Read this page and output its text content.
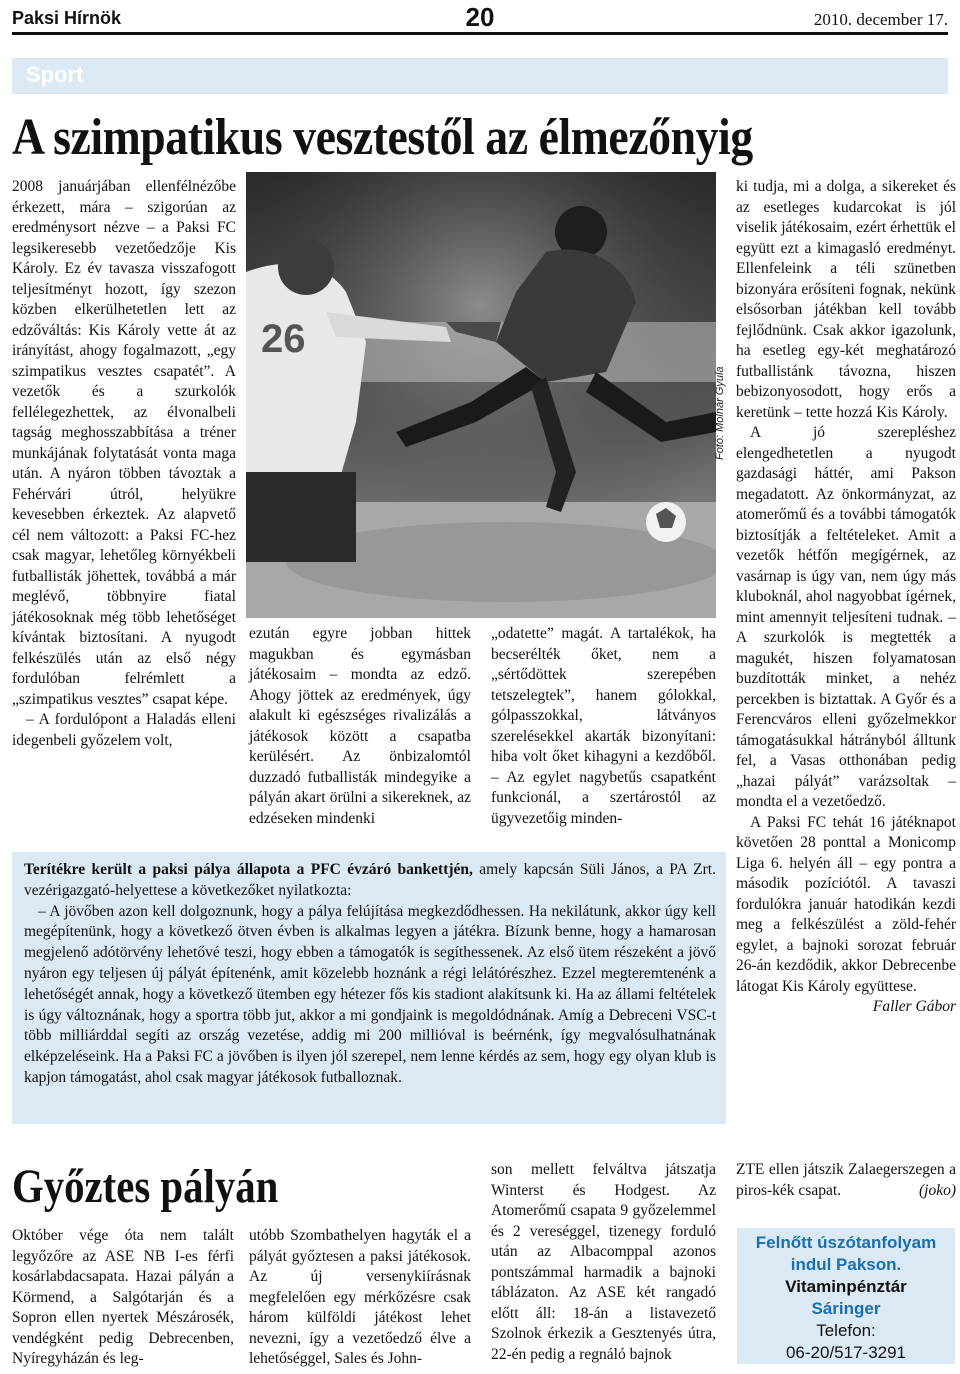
Paksi Hírnök	20	2010. december 17.
Sport
A szimpatikus vesztestől az élmezőnyig

2008 januárjában ellenfélnézőbe érkezett, mára – szigorúan az eredménysort nézve – a Paksi FC legsikeresebb vezetőedzője Kis Károly. Ez év tavasza visszafogott teljesítményt hozott, így szezon közben elkerülhetetlen lett az edzőváltás: Kis Károly vette át az irányítást, ahogy fogalmazott, „egy szimpatikus vesztes csapatét”. A vezetők és a szurkolók fellélegezhettek, az élvonalbeli tagság meghosszabbítása a tréner munkájának folytatását vonta maga után. A nyáron többen távoztak a Fehérvári útról, helyükre kevesebben érkeztek. Az alapvető cél nem változott: a Paksi FC-hez csak magyar, lehetőleg környékbeli futballisták jöhettek, továbbá a már meglévő, többnyire fiatal játékosoknak még több lehetőséget kívántak biztosítani. A nyugodt felkészülés után az első négy fordulóban felrémlett a „szimpatikus vesztes” csapat képe.

– A fordulópont a Haladás elleni idegenbeli győzelem volt,

26
Fotó: Molnár Gyula

ezután egyre jobban hittek magukban és egymásban játékosaim – mondta az edző. Ahogy jöttek az eredmények, úgy alakult ki egészséges rivalizálás a játékosok között a csapatba kerülésért. Az önbizalomtól duzzadó futballisták mindegyike a pályán akart örülni a sikereknek, az edzéseken mindenki

„odatette” magát. A tartalékok, ha becserélték őket, nem a „sértődöttek szerepében tetszelegtek”, hanem gólokkal, gólpasszokkal, látványos szerelésekkel akarták bizonyítani: hiba volt őket kihagyni a kezdőből. – Az egylet nagybetűs csapatként funkcionál, a szertárostól az ügyvezetőig minden-

ki tudja, mi a dolga, a sikereket és az esetleges kudarcokat is jól viselik játékosaim, ezért érhettük el együtt ezt a kimagasló eredményt. Ellenfeleink a téli szünetben bizonyára erősíteni fognak, nekünk elsősorban játékban kell tovább fejlődnünk. Csak akkor igazolunk, ha esetleg egy-két meghatározó futballistánk távozna, hiszen bebizonyosodott, hogy erős a keretünk – tette hozzá Kis Károly.

A jó szerepléshez elengedhetetlen a nyugodt gazdasági háttér, ami Pakson megadatott. Az önkormányzat, az atomerőmű és a további támogatók biztosítják a feltételeket. Amit a vezetők hétfőn megígérnek, az vasárnap is úgy van, nem úgy más kluboknál, ahol nagyobbat ígérnek, mint amennyit teljesíteni tudnak. – A szurkolók is megtették a magukét, hiszen folyamatosan buzdították minket, a nehéz percekben is biztattak. A Győr és a Ferencváros elleni győzelmekkor támogatásukkal hátrányból álltunk fel, a Vasas otthonában pedig „hazai pályát” varázsoltak – mondta el a vezetőedző.

A Paksi FC tehát 16 játéknapot követően 28 ponttal a Monicomp Liga 6. helyén áll – egy pontra a második pozíciótól. A tavaszi fordulókra január hatodikán kezdi meg a felkészülést a zöld-fehér egylet, a bajnoki sorozat február 26-án kezdődik, akkor Debrecenbe látogat Kis Károly együttese.

Faller Gábor

Terítékre került a paksi pálya állapota a PFC évzáró bankettjén, amely kapcsán Süli János, a PA Zrt. vezérigazgató-helyettese a következőket nyilatkozta:

– A jövőben azon kell dolgoznunk, hogy a pálya felújítása megkezdődhessen. Ha nekilátunk, akkor úgy kell megépítenünk, hogy a következő ötven évben is alkalmas legyen a játékra. Bízunk benne, hogy a hamarosan megjelenő adótörvény lehetővé teszi, hogy ebben a támogatók is segíthessenek. Az első ütem részeként a jövő nyáron egy teljesen új pályát építenénk, amit közelebb hoznánk a régi lelátórészhez. Ezzel megteremtenénk a lehetőségét annak, hogy a következő ütemben egy hétezer fős kis stadiont alakítsunk ki. Ha az állami feltételek is úgy változnának, hogy a sportra több jut, akkor a mi gondjaink is megoldódnának. Amíg a Debreceni VSC-t több milliárddal segíti az ország vezetése, addig mi 200 millióval is beérnénk, így megvalósulhatnának elképzeléseink. Ha a Paksi FC a jövőben is ilyen jól szerepel, nem lenne kérdés az sem, hogy egy olyan klub is kapjon támogatást, ahol csak magyar játékosok futballoznak.

Győztes pályán

Október vége óta nem talált legyőzőre az ASE NB I-es férfi kosárlabdacsapata. Hazai pályán a Körmend, a Salgótarján és a Sopron ellen nyertek Mészárosék, vendégként pedig Debrecenben, Nyíregyházán és leg-

utóbb Szombathelyen hagyták el a pályát győztesen a paksi játékosok. Az új versenykiírásnak megfelelően egy mérkőzésre csak három külföldi játékost lehet nevezni, így a vezetőedző élve a lehetőséggel, Sales és John-

son mellett felváltva játszatja Winterst és Hodgest. Az Atomerőmű csapata 9 győzelemmel és 2 vereséggel, tizenegy forduló után az Albacomppal azonos pontszámmal harmadik a bajnoki táblázaton. Az ASE két rangadó előtt áll: 18-án a listavezető Szolnok érkezik a Gesztenyés útra, 22-én pedig a regnáló bajnok

ZTE ellen játszik Zalaegerszegen a piros-kék csapat.	(joko)

Felnőtt úszótanfolyam
indul Pakson.
Vitaminpénztár
Sáringer
Telefon:
06-20/517-3291
